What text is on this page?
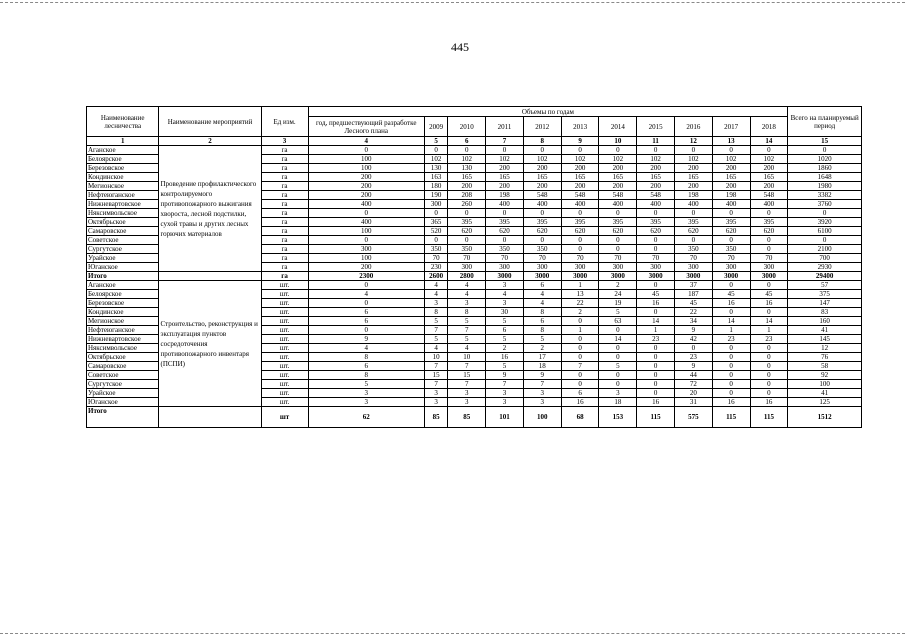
445
Наименование лесничества	Наименование мероприятий	Ед изм.	Объемы по годам											Всего на планируемый период
			год, предшествующий разработке Лесного плана	2009	2010	2011	2012	2013	2014	2015	2016	2017	2018	
1	2	3	4	5	6	7	8	9	10	11	12	13	14	15
Аганское	Проведение профилактического контролируемого противопожарного выжигания хвороста, лесной подстилки, сухой травы и других лесных горючих материалов	га	0	0	0	0	0	0	0	0	0	0	0	0
Белоярское		га	100	102	102	102	102	102	102	102	102	102	102	1020
Березовское		га	100	130	130	200	200	200	200	200	200	200	200	1860
Кондинское		га	200	163	165	165	165	165	165	165	165	165	165	1648
Мегионское		га	200	180	200	200	200	200	200	200	200	200	200	1980
Нефтеюганское		га	200	190	208	198	548	548	548	548	198	198	548	3382
Нижневартовское		га	400	300	260	400	400	400	400	400	400	400	400	3760
Няксимвольское		га	0	0	0	0	0	0	0	0	0	0	0	0
Октябрьское		га	400	365	395	395	395	395	395	395	395	395	395	3920
Самаровское		га	100	520	620	620	620	620	620	620	620	620	620	6100
Советское		га	0	0	0	0	0	0	0	0	0	0	0	0
Сургутское		га	300	350	350	350	350	0	0	0	350	350	0	2100
Урайское		га	100	70	70	70	70	70	70	70	70	70	70	700
Юганское		га	200	230	300	300	300	300	300	300	300	300	300	2930
Итого		га	2300	2600	2800	3000	3000	3000	3000	3000	3000	3000	3000	29400
Аганское	Строительство, реконструкция и эксплуатация пунктов сосредоточения противопожарного инвентаря (ПСПИ)	шт.	0	4	4	3	6	1	2	0	37	0	0	57
Белоярское		шт.	4	4	4	4	4	13	24	45	187	45	45	375
Березовское		шт.	0	3	3	3	4	22	19	16	45	16	16	147
Кондинское		шт.	6	8	8	30	8	2	5	0	22	0	0	83
Мегионское		шт.	6	5	5	5	6	0	63	14	34	14	14	160
Нефтеюганское		шт.	0	7	7	6	8	1	0	1	9	1	1	41
Нижневартовское		шт.	9	5	5	5	5	0	14	23	42	23	23	145
Няксимвольское		шт.	4	4	4	2	2	0	0	0	0	0	0	12
Октябрьское		шт.	8	10	10	16	17	0	0	0	23	0	0	76
Самаровское		шт.	6	7	7	5	18	7	5	0	9	0	0	58
Советское		шт.	8	15	15	9	9	0	0	0	44	0	0	92
Сургутское		шт.	5	7	7	7	7	0	0	0	72	0	0	100
Урайское		шт.	3	3	3	3	3	6	3	0	20	0	0	41
Юганское		шт.	3	3	3	3	3	16	18	16	31	16	16	125
Итого		шт	62	85	85	101	100	68	153	115	575	115	115	1512
